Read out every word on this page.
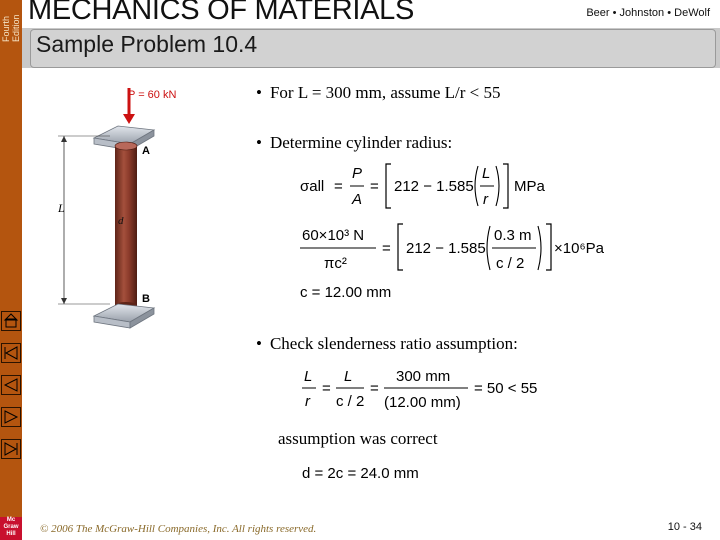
Fourth Edition
MECHANICS OF MATERIALS	Beer • Johnston • DeWolf
Sample Problem 10.4
Mc
Graw
Hill
P = 60 kN
A
B
L
d
• For L = 300 mm, assume L/r < 55
• Determine cylinder radius:
• Check slenderness ratio assumption:
assumption was correct
σall =
P
A
= 212 − 1.585
L
r
MPa
60×10³ N
πc²
= 212 − 1.585
0.3 m
c / 2
×10⁶Pa
c = 12.00 mm
L
r
=
L
c / 2
=
300 mm
(12.00 mm)
= 50 < 55
d = 2c = 24.0 mm
© 2006 The McGraw-Hill Companies, Inc. All rights reserved.	10 - 34
